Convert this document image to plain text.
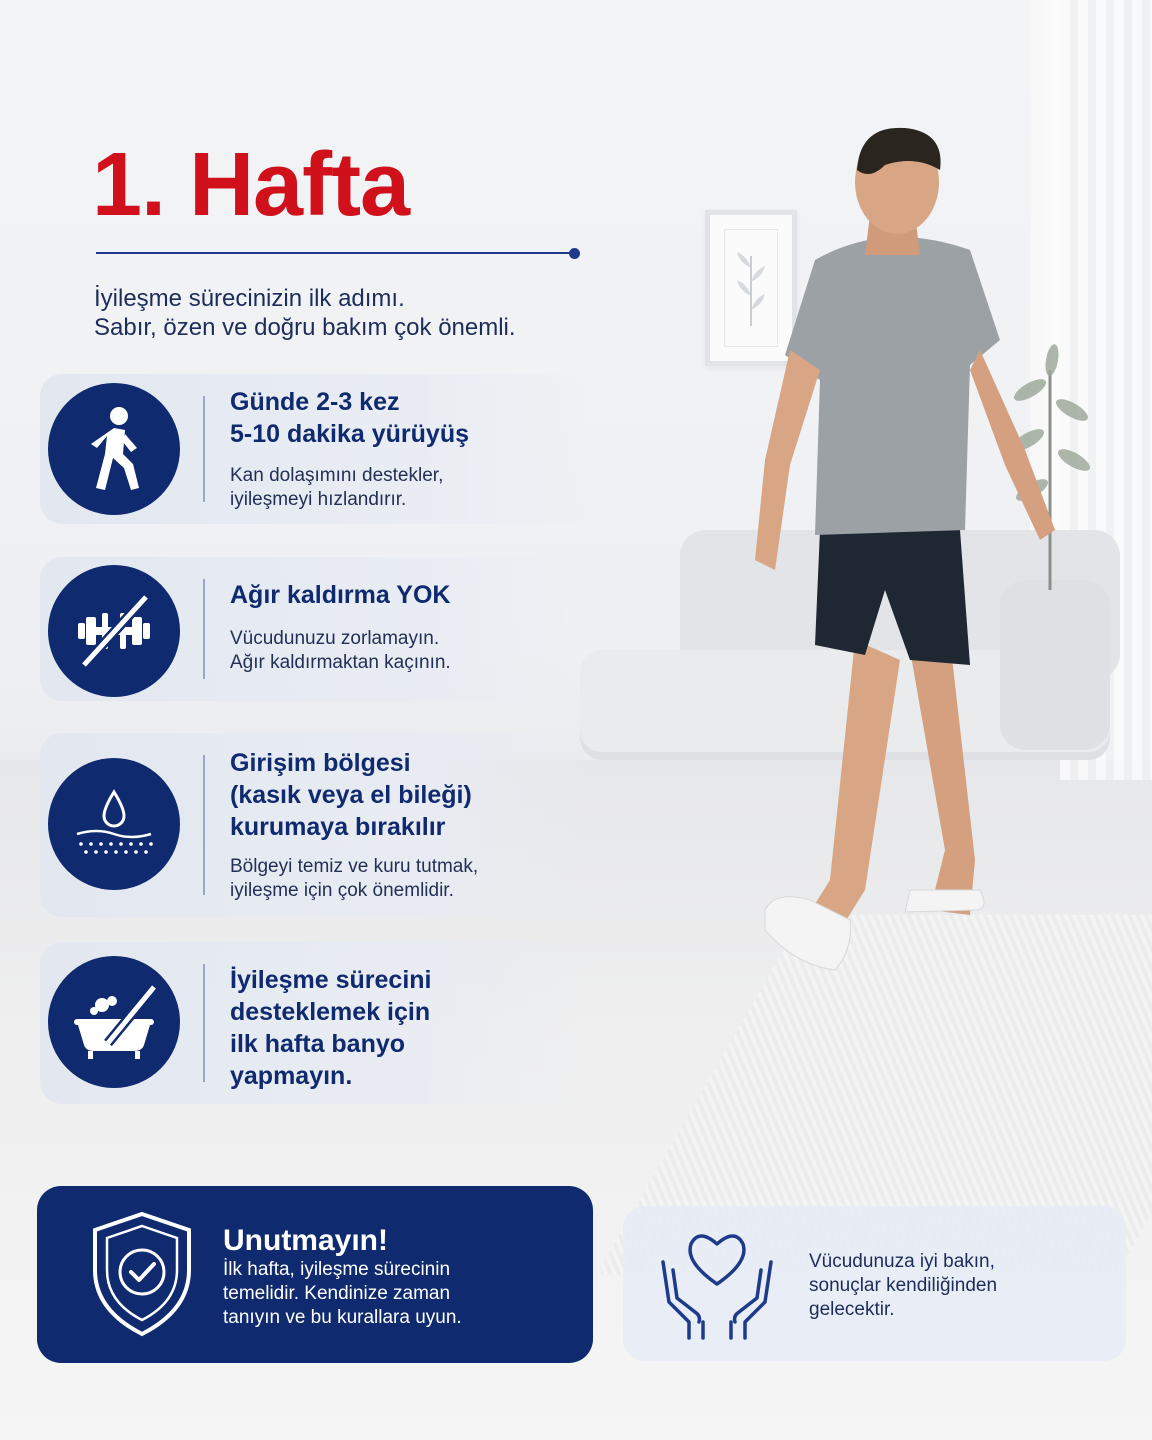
1. Hafta
İyileşme sürecinizin ilk adımı.
Sabır, özen ve doğru bakım çok önemli.
Günde 2-3 kez
5-10 dakika yürüyüş
Kan dolaşımını destekler,
iyileşmeyi hızlandırır.
Ağır kaldırma YOK
Vücudunuzu zorlamayın.
Ağır kaldırmaktan kaçının.
Girişim bölgesi
(kasık veya el bileği)
kurumaya bırakılır
Bölgeyi temiz ve kuru tutmak,
iyileşme için çok önemlidir.
İyileşme sürecini
desteklemek için
ilk hafta banyo
yapmayın.
Unutmayın!
İlk hafta, iyileşme sürecinin
temelidir. Kendinize zaman
tanıyın ve bu kurallara uyun.
Vücudunuza iyi bakın,
sonuçlar kendiliğinden
gelecektir.
